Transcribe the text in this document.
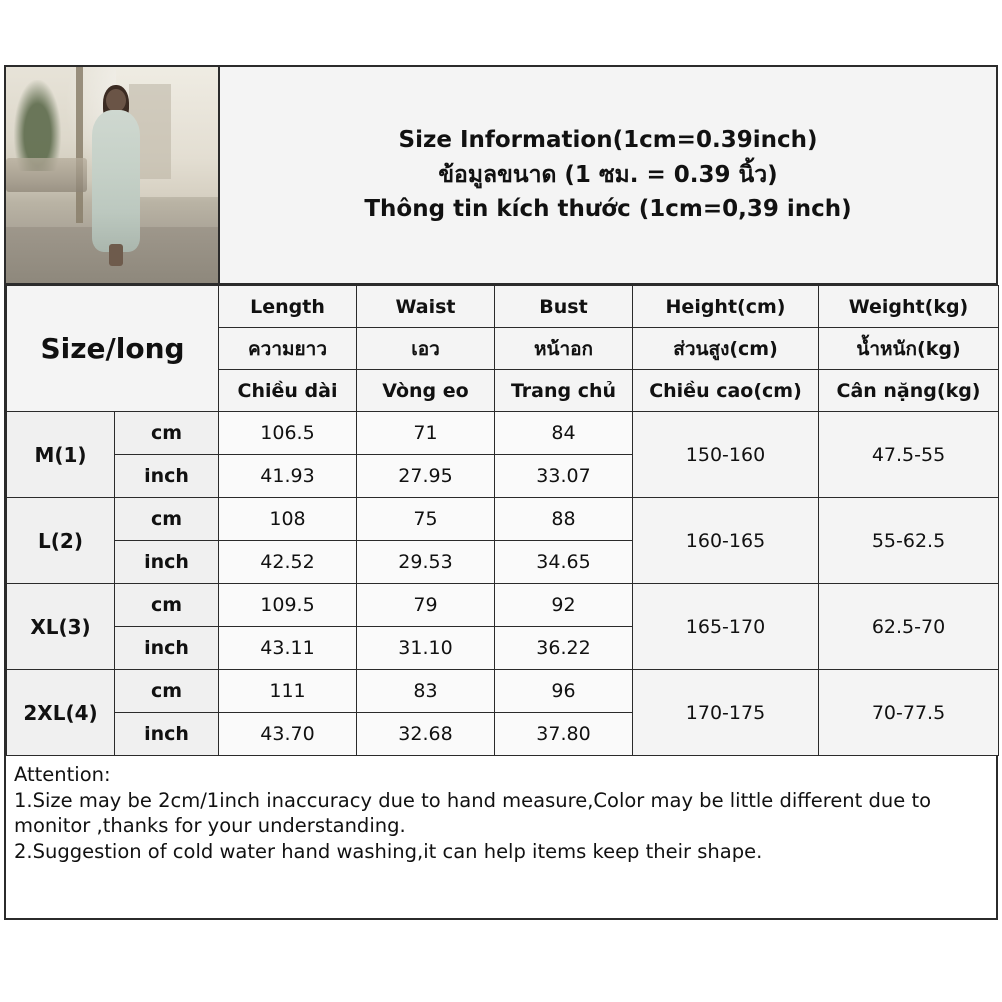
Size Information(1cm=0.39inch)
ข้อมูลขนาด (1 ซม. = 0.39 นิ้ว)
Thông tin kích thước (1cm=0,39 inch)
Size/long		Length	Waist	Bust	Height(cm)	Weight(kg)
		ความยาว	เอว	หน้าอก	ส่วนสูง(cm)	น้ำหนัก(kg)
		Chiều dài	Vòng eo	Trang chủ	Chiều cao(cm)	Cân nặng(kg)
M(1)	cm	106.5	71	84	150-160	47.5-55
	inch	41.93	27.95	33.07		
L(2)	cm	108	75	88	160-165	55-62.5
	inch	42.52	29.53	34.65		
XL(3)	cm	109.5	79	92	165-170	62.5-70
	inch	43.11	31.10	36.22		
2XL(4)	cm	111	83	96	170-175	70-77.5
	inch	43.70	32.68	37.80		
Attention:
1.Size may be 2cm/1inch inaccuracy due to hand measure,Color may be little different due to
monitor ,thanks for your understanding.
2.Suggestion of cold water hand washing,it can help items keep their shape.
